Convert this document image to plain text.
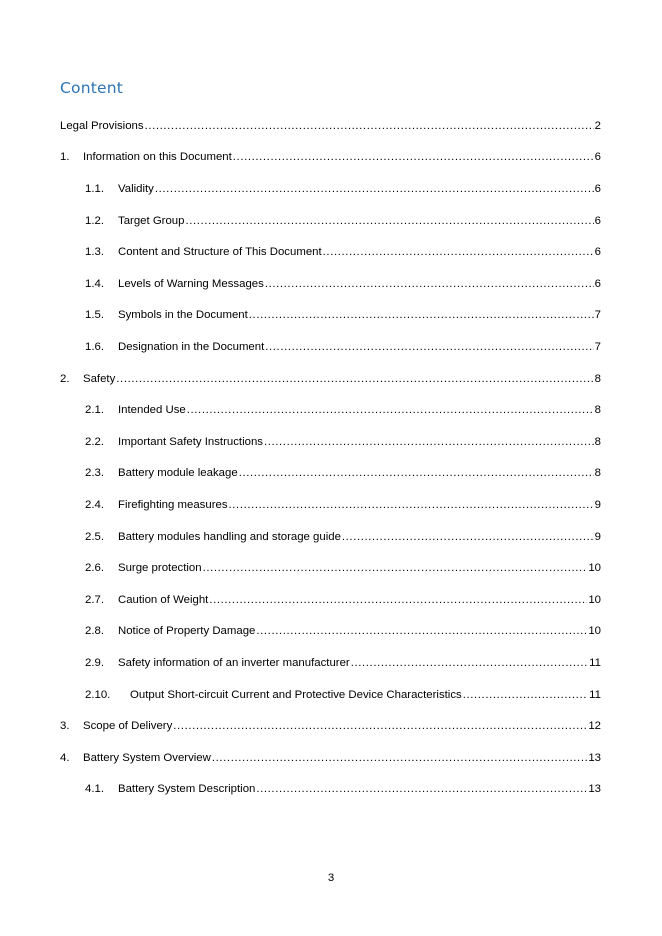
Content
Legal Provisions .....	2
1.	Information on this Document .....	6
1.1.	Validity .....	6
1.2.	Target Group .....	6
1.3.	Content and Structure of This Document .....	6
1.4.	Levels of Warning Messages .....	6
1.5.	Symbols in the Document .....	7
1.6.	Designation in the Document .....	7
2.	Safety .....	8
2.1.	Intended Use .....	8
2.2.	Important Safety Instructions .....	8
2.3.	Battery module leakage .....	8
2.4.	Firefighting measures .....	9
2.5.	Battery modules handling and storage guide .....	9
2.6.	Surge protection .....	10
2.7.	Caution of Weight .....	10
2.8.	Notice of Property Damage .....	10
2.9.	Safety information of an inverter manufacturer .....	11
2.10.	Output Short-circuit Current and Protective Device Characteristics .....	11
3.	Scope of Delivery .....	12
4.	Battery System Overview .....	13
4.1.	Battery System Description .....	13
3
